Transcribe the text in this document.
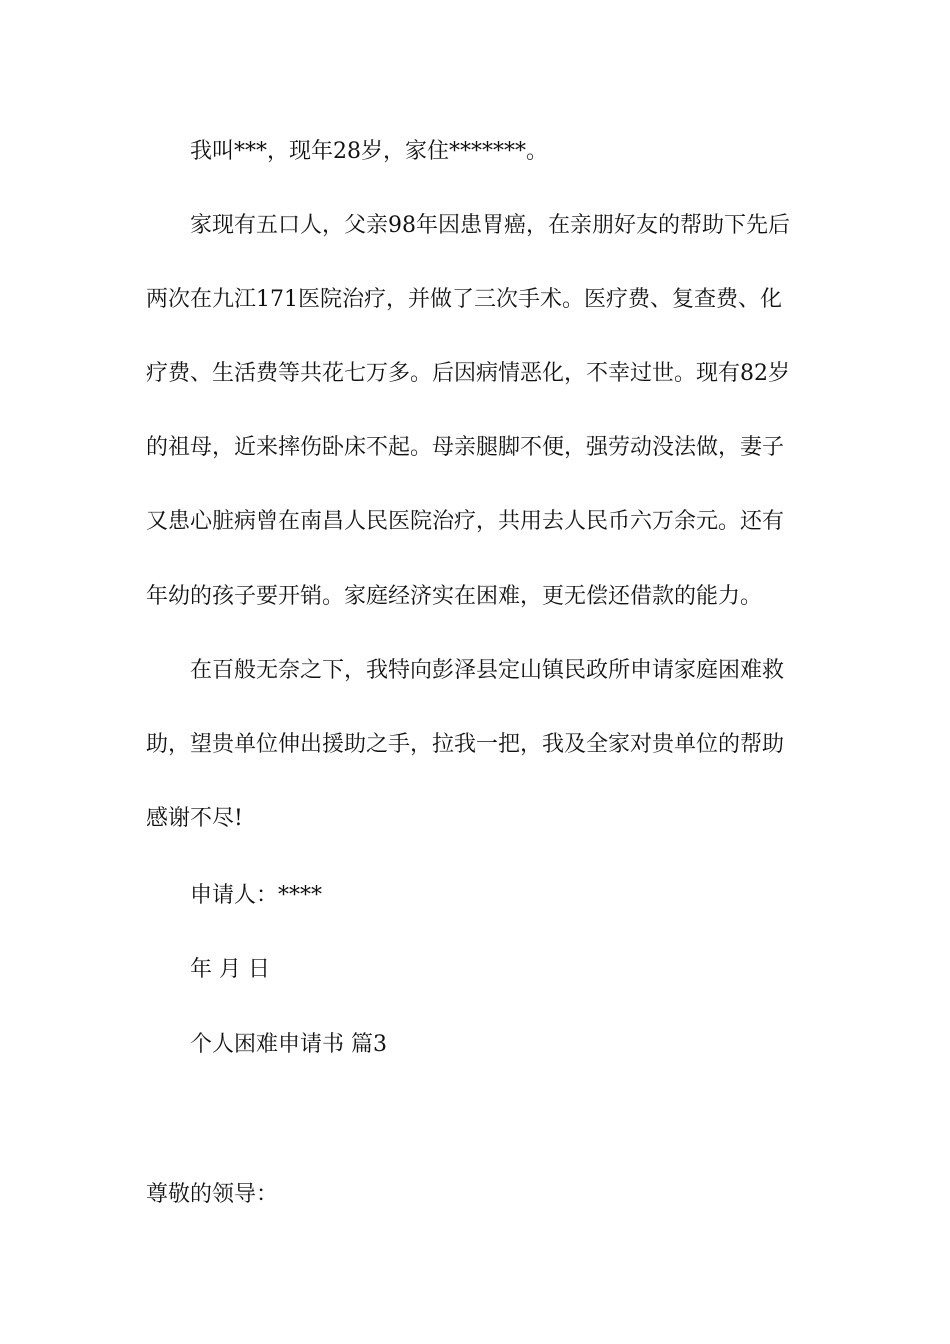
我叫***，现年28岁，家住*******。
家现有五口人，父亲98年因患胃癌，在亲朋好友的帮助下先后
两次在九江171医院治疗，并做了三次手术。医疗费、复查费、化
疗费、生活费等共花七万多。后因病情恶化，不幸过世。现有82岁
的祖母，近来摔伤卧床不起。母亲腿脚不便，强劳动没法做，妻子
又患心脏病曾在南昌人民医院治疗，共用去人民币六万余元。还有
年幼的孩子要开销。家庭经济实在困难，更无偿还借款的能力。
在百般无奈之下，我特向彭泽县定山镇民政所申请家庭困难救
助，望贵单位伸出援助之手，拉我一把，我及全家对贵单位的帮助
感谢不尽!
申请人：****
年 月 日
个人困难申请书 篇3
尊敬的领导：
